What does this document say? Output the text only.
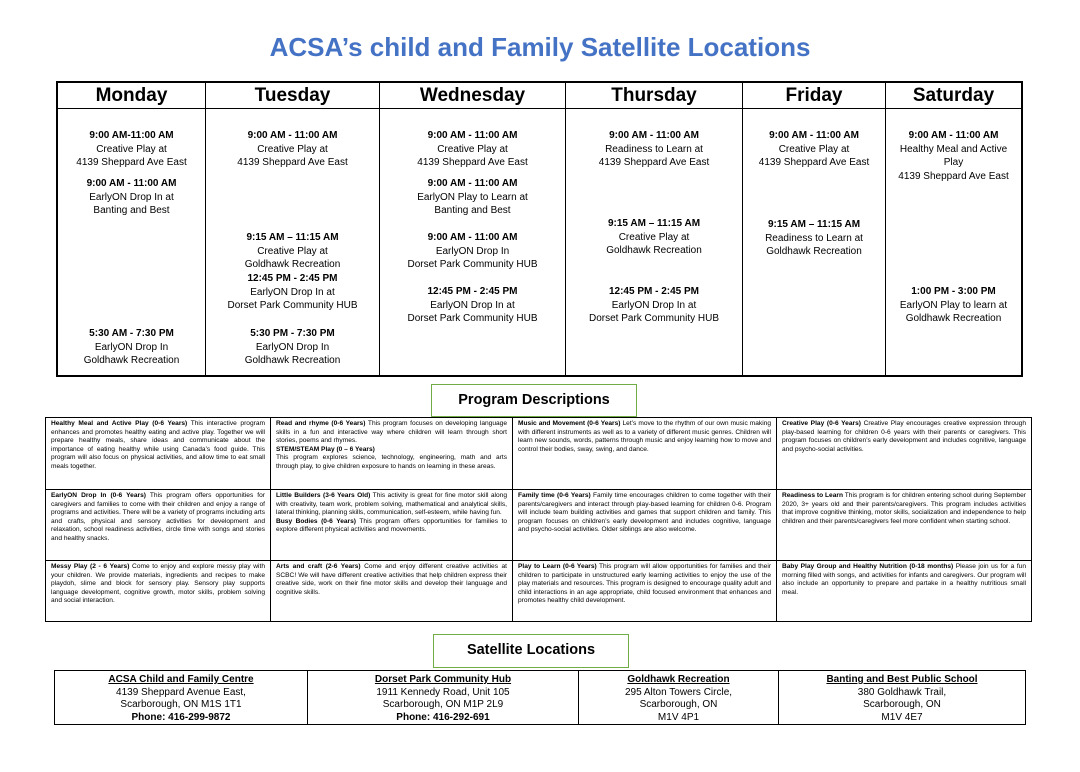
ACSA’s child and Family Satellite Locations
Monday
9:00 AM-11:00 AM
Creative Play at
4139 Sheppard Ave East
9:00 AM - 11:00 AM
EarlyON Drop In at
Banting and Best
5:30 AM - 7:30 PM
EarlyON Drop In
Goldhawk Recreation
Tuesday
9:00 AM - 11:00 AM
Creative Play at
4139 Sheppard Ave East
9:15 AM – 11:15 AM
Creative Play at
Goldhawk Recreation
12:45 PM - 2:45 PM
EarlyON Drop In at
Dorset Park Community HUB
5:30 PM - 7:30 PM
EarlyON Drop In
Goldhawk Recreation
Wednesday
9:00 AM - 11:00 AM
Creative Play at
4139 Sheppard Ave East
9:00 AM - 11:00 AM
EarlyON Play to Learn at
Banting and Best
9:00 AM - 11:00 AM
EarlyON Drop In
Dorset Park Community HUB
12:45 PM - 2:45 PM
EarlyON Drop In at
Dorset Park Community HUB
Thursday
9:00 AM - 11:00 AM
Readiness to Learn at
4139 Sheppard Ave East
9:15 AM – 11:15 AM
Creative Play at
Goldhawk Recreation
12:45 PM - 2:45 PM
EarlyON Drop In at
Dorset Park Community HUB
Friday
9:00 AM - 11:00 AM
Creative Play at
4139 Sheppard Ave East
9:15 AM – 11:15 AM
Readiness to Learn at
Goldhawk Recreation
Saturday
9:00 AM - 11:00 AM
Healthy Meal and Active
Play
4139 Sheppard Ave East
1:00 PM - 3:00 PM
EarlyON Play to learn at
Goldhawk Recreation
Program Descriptions

Healthy Meal and Active Play (0-6 Years) This interactive program enhances and promotes healthy eating and active play. Together we will prepare healthy meals, share ideas and communicate about the importance of eating healthy while using Canada’s food guide. This program will also focus on physical activities, and allow time to eat small meals together.

Read and rhyme (0-6 Years) This program focuses on developing language skills in a fun and interactive way where children will learn through short stories, poems and rhymes.

STEM/STEAM Play (0 – 6 Years)
This program explores science, technology, engineering, math and arts through play, to give children exposure to hands on learning in these areas.

Music and Movement (0-6 Years) Let’s move to the rhythm of our own music making with different instruments as well as to a variety of different music genres. Children will learn new sounds, words, patterns through music and enjoy learning how to move and control their bodies, sway, swing, and dance.

Creative Play (0-6 Years) Creative Play encourages creative expression through play-based learning for children 0-6 years with their parents or caregivers. This program focuses on children’s early development and includes cognitive, language and psycho-social activities.

EarlyON Drop In (0-6 Years) This program offers opportunities for caregivers and families to come with their children and enjoy a range of programs and activities. There will be a variety of programs including arts and crafts, physical and sensory activities for development and relaxation, school readiness activities, circle time with songs and stories and healthy snacks.

Little Builders (3-6 Years Old) This activity is great for fine motor skill along with creativity, team work, problem solving, mathematical and analytical skills, lateral thinking, planning skills, communication, self-esteem, while having fun.

Busy Bodies (0-6 Years) This program offers opportunities for families to explore different physical activities and movements.

Family time (0-6 Years) Family time encourages children to come together with their parents/caregivers and interact through play-based learning for children 0-6. Program will include team building activities and games that support children and family. This program focuses on children’s early development and includes cognitive, language and psycho-social activities. Older siblings are also welcome.

Readiness to Learn This program is for children entering school during September 2020, 3+ years old and their parents/caregivers. This program includes activities that improve cognitive thinking, motor skills, socialization and independence to help children and their parents/caregivers feel more confident when starting school.

Messy Play (2 - 6 Years) Come to enjoy and explore messy play with your children. We provide materials, ingredients and recipes to make playdoh, slime and block for sensory play. Sensory play supports language development, cognitive growth, motor skills, problem solving and social interaction.

Arts and craft (2-6 Years) Come and enjoy different creative activities at SCBC! We will have different creative activities that help children express their creative side, work on their fine motor skills and develop their language and cognitive skills.

Play to Learn (0-6 Years) This program will allow opportunities for families and their children to participate in unstructured early learning activities to enjoy the use of the play materials and resources. This program is designed to encourage quality adult and child interactions in an age appropriate, child focused environment that enhances and promotes healthy child development.

Baby Play Group and Healthy Nutrition (0-18 months) Please join us for a fun morning filled with songs, and activities for infants and caregivers. Our program will also include an opportunity to prepare and partake in a healthy nutritious small meal.

Satellite Locations
ACSA Child and Family Centre
4139 Sheppard Avenue East,
Scarborough, ON M1S 1T1
Phone: 416-299-9872
Dorset Park Community Hub
1911 Kennedy Road, Unit 105
Scarborough, ON M1P 2L9
Phone: 416-292-691
Goldhawk Recreation
295 Alton Towers Circle,
Scarborough, ON
M1V 4P1
Banting and Best Public School
380 Goldhawk Trail,
Scarborough, ON
M1V 4E7
